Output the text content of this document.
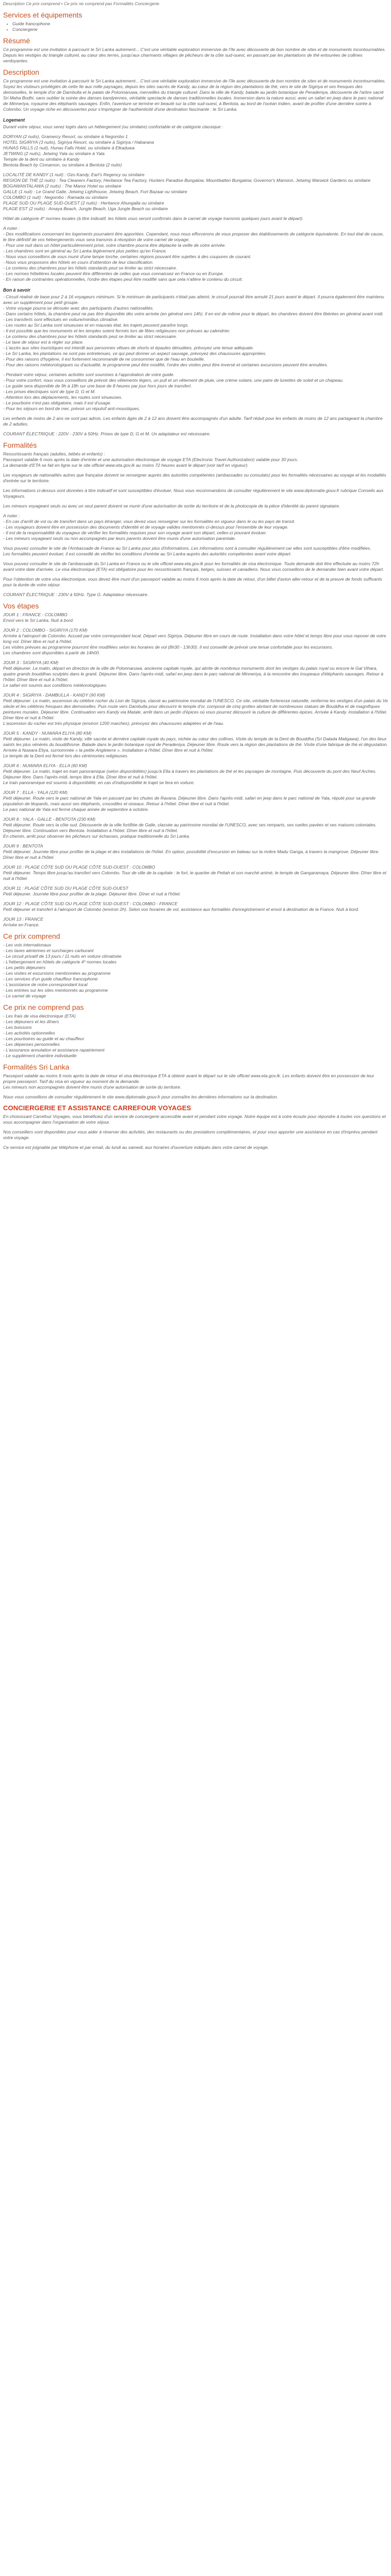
Description Ce prix comprend • Ce prix ne comprend pas Formalités Conciergerie
Services et équipements
• Guide francophone
• Conciergerie
Résumé
Ce programme est une invitation à parcourir le Sri Lanka autrement... C'est une véritable exploration immersive de l'île avec découverte de bon nombre de sites et de monuments incontournables. Depuis les vestiges du triangle culturel, au cœur des terres, jusqu'aux charmants villages de pêcheurs de la côte sud-ouest, en passant par les plantations de thé entourées de collines verdoyantes.
Description
Ce programme est une invitation à parcourir le Sri Lanka autrement... C'est une véritable exploration immersive de l'île avec découverte de bon nombre de sites et de monuments incontournables. Soyez les visiteurs privilégiés de cette île aux mille paysages, depuis les sites sacrés de Kandy, au cœur de la région des plantations de thé, vers le site de Sigiriya et ses fresques des demoiselles, le temple d'or de Dambulla et le palais de Polonnaruwa, merveilles du triangle culturel. Dans la ville de Kandy, balade au jardin botanique de Peradeniya, découverte de l'arbre sacré Sri Maha Bodhi, sans oublier la soirée des danses kandyennes, véritable spectacle de danses traditionnelles locales. Immersion dans la nature aussi, avec un safari en jeep dans le parc national de Minneriya, royaume des éléphants sauvages. Enfin, l'aventure se termine en beauté sur la côte sud-ouest, à Bentota, au bord de l'océan Indien, avant de profiter d'une dernière soirée à Colombo. Un voyage riche en découvertes pour s'imprégner de l'authenticité d'une destination fascinante : le Sri Lanka.
Logement
Durant votre séjour, vous serez logés dans un hébergement (ou similaire) confortable et de catégorie classique :
DORYAN (2 nuits), Gramercy Resort, ou similaire à Negombo 1
HOTEL SIGIRIYA (3 nuits), Sigiriya Resort, ou similaire à Sigiriya / Habarana
HUNAS FALLS (1 nuit), Hunas Falls Hotel, ou similaire à Elkaduwa
JETWING (2 nuits), Jetwing Yala ou similaire à Yala
Temple de la dent ou similaire à Kandy
Bentota Beach by Cinnamon, ou similaire à Bentota (2 nuits)
LOCALITÉ DE KANDY (1 nuit) : Ozo Kandy, Earl's Regency ou similaire
REGION DE THÉ (2 nuits) : Tea Cleaners Factory, Heritance Tea Factory, Hunters Paradise Bungalow, Mountbatten Bungalow, Governor's Mansion, Jetwing Warwick Gardens ou similaire
BOGAWANTALAWA (2 nuits) : The Manor Hotel ou similaire
GALLE (1 nuit) : Le Grand Galle, Jetwing Lighthouse, Jetwing Beach, Fort Bazaar ou similaire
COLOMBO (1 nuit) : Negombo : Ramada ou similaire
PLAGE SUD OU PLAGE SUD-OUEST (2 nuits) : Heritance Ahungalla ou similaire
PLAGE EST (2 nuits) : Amaya Beach, Jungle Beach, Uga Jungle Beach ou similaire
Hôtel de catégorie 4* normes locales (à titre indicatif, les hôtels vous seront confirmés dans le carnet de voyage transmis quelques jours avant le départ).
A noter :
- Des modifications concernant les logements pourraient être apportées. Cependant, nous nous efforcerons de vous proposer des établissements de catégorie équivalente. En tout état de cause, le titre définitif de vos hébergements vous sera transmis à réception de votre carnet de voyage.
- Pour une nuit dans un hôtel particulièrement prisé, votre chambre pourra être déplacée la veille de votre arrivée.
- Les chambres sont en général au Sri Lanka légèrement plus petites qu'en France.
- Nous vous conseillons de vous munir d'une lampe torche, certaines régions pouvant être sujettes à des coupures de courant.
- Nous vous proposons des hôtels en cours d'obtention de leur classification.
- Le contenu des chambres pour les hôtels standards peut se limiter au strict nécessaire.
- Les normes hôtelières locales peuvent être différentes de celles que vous connaissez en France ou en Europe.
- En raison de contraintes opérationnelles, l'ordre des étapes peut être modifié sans que cela n'altère le contenu du circuit.
Bon à savoir
- Circuit réalisé de base pour 2 à 16 voyageurs minimum. Si le minimum de participants n'était pas atteint, le circuit pourrait être annulé 21 jours avant le départ. Il pourra également être maintenu avec un supplément pour petit groupe.
- Votre voyage pourra se dérouler avec des participants d'autres nationalités.
- Dans certains hôtels, la chambre peut ne pas être disponible dès votre arrivée (en général vers 14h). Il en est de même pour le départ, les chambres doivent être libérées en général avant midi.
- Les transferts sont effectués en voiture/minibus climatisé.
- Les routes au Sri Lanka sont sinueuses et en mauvais état, les trajets peuvent paraître longs.
- Il est possible que les monuments et les temples soient fermés lors de fêtes religieuses non prévues au calendrier.
- Le contenu des chambres pour les hôtels standards peut se limiter au strict nécessaire.
- Le taxe de séjour est à régler sur place.
- L'accès aux sites touristiques est interdit aux personnes vêtues de shorts et épaules dénudées, prévoyez une tenue adéquate.
- Le Sri Lanka, les plantations ne sont pas entretenues, ce qui peut donner un aspect sauvage, prévoyez des chaussures appropriées.
- Pour des raisons d'hygiène, il est fortement recommandé de ne consommer que de l'eau en bouteille.
- Pour des raisons météorologiques ou d'actualité, le programme peut être modifié, l'ordre des visites peut être inversé et certaines excursions peuvent être annulées.
- Pendant votre séjour, certaines activités sont soumises à l'approbation de votre guide.
- Pour votre confort, nous vous conseillons de prévoir des vêtements légers, un pull et un vêtement de pluie, une crème solaire, une paire de lunettes de soleil et un chapeau.
- Le guide sera disponible de 9h à 18h sur une base de 8 heures par jour hors jours de transfert.
- Les prises électriques sont de type D, G et M.
- Attention lors des déplacements, les routes sont sinueuses.
- Le pourboire n'est pas obligatoire, mais il est d'usage.
- Pour les séjours en bord de mer, prévoir un répulsif anti-moustiques.
Les enfants de moins de 2 ans ne sont pas admis. Les enfants âgés de 2 à 12 ans doivent être accompagnés d'un adulte. Tarif réduit pour les enfants de moins de 12 ans partageant la chambre de 2 adultes.
COURANT ÉLECTRIQUE : 220V - 230V à 50Hz. Prises de type D, G et M. Un adaptateur est nécessaire.
Formalités
Ressortissants français (adultes, bébés et enfants) :
Passeport valable 6 mois après la date d'entrée et une autorisation électronique de voyage ETA (Electronic Travel Authorization) valable pour 30 jours.
La demande d'ETA se fait en ligne sur le site officiel www.eta.gov.lk au moins 72 heures avant le départ (voir tarif en vigueur).
Les voyageurs de nationalités autres que française doivent se renseigner auprès des autorités compétentes (ambassades ou consulats) pour les formalités nécessaires au voyage et les modalités d'entrée sur le territoire.
Les informations ci-dessus sont données à titre indicatif et sont susceptibles d'évoluer. Nous vous recommandons de consulter régulièrement le site www.diplomatie.gouv.fr rubrique Conseils aux Voyageurs.
Les mineurs voyageant seuls ou avec un seul parent doivent se munir d'une autorisation de sortie du territoire et de la photocopie de la pièce d'identité du parent signataire.
A noter :
- En cas d'arrêt de vol ou de transfert dans un pays étranger, vous devez vous renseigner sur les formalités en vigueur dans le ou les pays de transit.
- Les voyageurs doivent être en possession des documents d'identité et de voyage valides mentionnés ci-dessus pour l'ensemble de leur voyage.
- Il est de la responsabilité du voyageur de vérifier les formalités requises pour son voyage avant son départ, celles-ci pouvant évoluer.
- Les mineurs voyageant seuls ou non accompagnés par leurs parents doivent être munis d'une autorisation parentale.
Vous pouvez consulter le site de l'Ambassade de France au Sri Lanka pour plus d'informations. Les informations sont à consulter régulièrement car elles sont susceptibles d'être modifiées.
Les formalités peuvent évoluer, il est conseillé de vérifier les conditions d'entrée au Sri Lanka auprès des autorités compétentes avant votre départ.
Vous pouvez consulter le site de l'ambassade du Sri Lanka en France ou le site officiel www.eta.gov.lk pour les formalités de visa électronique. Toute demande doit être effectuée au moins 72h avant votre date d'arrivée. Le visa électronique (ETA) est obligatoire pour les ressortissants français, belges, suisses et canadiens. Nous vous conseillons de le demander bien avant votre départ.
Pour l'obtention de votre visa électronique, vous devez être muni d'un passeport valable au moins 6 mois après la date de retour, d'un billet d'avion aller-retour et de la preuve de fonds suffisants pour la durée de votre séjour.
COURANT ÉLECTRIQUE : 230V à 50Hz. Type G. Adaptateur nécessaire.
Vos étapes
JOUR 1 : FRANCE - COLOMBO
Envol vers le Sri Lanka. Nuit à bord.
JOUR 2 : COLOMBO - SIGIRIYA (170 KM)
Arrivée à l'aéroport de Colombo. Accueil par votre correspondant local. Départ vers Sigiriya. Déjeuner libre en cours de route. Installation dans votre hôtel et temps libre pour vous reposer de votre long vol. Dîner libre et nuit à l'hôtel.
Les visites prévues au programme pourront être modifiées selon les horaires de vol (8h30 - 13h30). Il est conseillé de prévoir une tenue confortable pour les excursions.
Les chambres sont disponibles à partir de 14h00.
JOUR 3 : SIGIRIYA (40 KM)
Petit déjeuner. Le matin, départ en direction de la ville de Polonnaruwa, ancienne capitale royale, qui abrite de nombreux monuments dont les vestiges du palais royal ou encore le Gal Vihara, quatre grands bouddhas sculptés dans le granit. Déjeuner libre. Dans l'après-midi, safari en jeep dans le parc national de Minneriya, à la rencontre des troupeaux d'éléphants sauvages. Retour à l'hôtel. Dîner libre et nuit à l'hôtel.
Le safari est soumis aux conditions météorologiques.
JOUR 4 : SIGIRIYA - DAMBULLA - KANDY (90 KM)
Petit déjeuner. Le matin, ascension du célèbre rocher du Lion de Sigiriya, classé au patrimoine mondial de l'UNESCO. Ce site, véritable forteresse naturelle, renferme les vestiges d'un palais du Ve siècle et les célèbres fresques des demoiselles. Puis route vers Dambulla pour découvrir le temple d'or, composé de cinq grottes abritant de nombreuses statues de Bouddha et de magnifiques peintures murales. Déjeuner libre. Continuation vers Kandy via Matale, arrêt dans un jardin d'épices où vous pourrez découvrir la culture de différentes épices. Arrivée à Kandy. Installation à l'hôtel. Dîner libre et nuit à l'hôtel.
L'ascension du rocher est très physique (environ 1200 marches), prévoyez des chaussures adaptées et de l'eau.
JOUR 5 : KANDY - NUWARA ELIYA (80 KM)
Petit déjeuner. Le matin, visite de Kandy, ville sacrée et dernière capitale royale du pays, nichée au cœur des collines. Visite du temple de la Dent de Bouddha (Sri Dalada Maligawa), l'un des lieux saints les plus vénérés du bouddhisme. Balade dans le jardin botanique royal de Peradeniya. Déjeuner libre. Route vers la région des plantations de thé. Visite d'une fabrique de thé et dégustation. Arrivée à Nuwara Eliya, surnommée « la petite Angleterre ». Installation à l'hôtel. Dîner libre et nuit à l'hôtel.
Le temple de la Dent est fermé lors des cérémonies religieuses.
JOUR 6 : NUWARA ELIYA - ELLA (60 KM)
Petit déjeuner. Le matin, trajet en train panoramique (selon disponibilités) jusqu'à Ella à travers les plantations de thé et les paysages de montagne. Puis découverte du pont des Neuf Arches. Déjeuner libre. Dans l'après-midi, temps libre à Ella. Dîner libre et nuit à l'hôtel.
Le train panoramique est soumis à disponibilité, en cas d'indisponibilité le trajet se fera en voiture.
JOUR 7 : ELLA - YALA (120 KM)
Petit déjeuner. Route vers le parc national de Yala en passant par les chutes de Ravana. Déjeuner libre. Dans l'après-midi, safari en jeep dans le parc national de Yala, réputé pour sa grande population de léopards, mais aussi ses éléphants, crocodiles et oiseaux. Retour à l'hôtel. Dîner libre et nuit à l'hôtel.
Le parc national de Yala est fermé chaque année de septembre à octobre.
JOUR 8 : YALA - GALLE - BENTOTA (230 KM)
Petit déjeuner. Route vers la côte sud. Découverte de la ville fortifiée de Galle, classée au patrimoine mondial de l'UNESCO, avec ses remparts, ses ruelles pavées et ses maisons coloniales. Déjeuner libre. Continuation vers Bentota. Installation à l'hôtel. Dîner libre et nuit à l'hôtel.
En chemin, arrêt pour observer les pêcheurs sur échasses, pratique traditionnelle du Sri Lanka.
JOUR 9 : BENTOTA
Petit déjeuner. Journée libre pour profiter de la plage et des installations de l'hôtel. En option, possibilité d'excursion en bateau sur la rivière Madu Ganga, à travers la mangrove. Déjeuner libre. Dîner libre et nuit à l'hôtel.
JOUR 10 : PLAGE CÔTE SUD OU PLAGE CÔTE SUD-OUEST : COLOMBO
Petit déjeuner. Temps libre jusqu'au transfert vers Colombo. Tour de ville de la capitale : le fort, le quartier de Pettah et son marché animé, le temple de Gangaramaya. Déjeuner libre. Dîner libre et nuit à l'hôtel.
JOUR 11 : PLAGE CÔTE SUD OU PLAGE CÔTE SUD-OUEST
Petit déjeuner. Journée libre pour profiter de la plage. Déjeuner libre. Dîner et nuit à l'hôtel.
JOUR 12 : PLAGE CÔTE SUD OU PLAGE CÔTE SUD-OUEST - COLOMBO - FRANCE
Petit déjeuner et transfert à l'aéroport de Colombo (environ 2h). Selon vos horaires de vol, assistance aux formalités d'enregistrement et envol à destination de la France. Nuit à bord.
JOUR 13 : FRANCE
Arrivée en France.
Ce prix comprend
- Les vols internationaux
- Les taxes aériennes et surcharges carburant
- Le circuit privatif de 13 jours / 11 nuits en voiture climatisée
- L'hébergement en hôtels de catégorie 4* normes locales
- Les petits déjeuners
- Les visites et excursions mentionnées au programme
- Les services d'un guide chauffeur francophone
- L'assistance de notre correspondant local
- Les entrées sur les sites mentionnés au programme
- Le carnet de voyage
Ce prix ne comprend pas
- Les frais de visa électronique (ETA)
- Les déjeuners et les dîners
- Les boissons
- Les activités optionnelles
- Les pourboires au guide et au chauffeur
- Les dépenses personnelles
- L'assurance annulation et assistance rapatriement
- Le supplément chambre individuelle
Formalités Sri Lanka
Passeport valable au moins 6 mois après la date de retour et visa électronique ETA à obtenir avant le départ sur le site officiel www.eta.gov.lk. Les enfants doivent être en possession de leur propre passeport. Tarif du visa en vigueur au moment de la demande.
Les mineurs non accompagnés doivent être munis d'une autorisation de sortie du territoire.
Nous vous conseillons de consulter régulièrement le site www.diplomatie.gouv.fr pour connaître les dernières informations sur la destination.
CONCIERGERIE ET ASSISTANCE CARREFOUR VOYAGES
En choisissant Carrefour Voyages, vous bénéficiez d'un service de conciergerie accessible avant et pendant votre voyage. Notre équipe est à votre écoute pour répondre à toutes vos questions et vous accompagner dans l'organisation de votre séjour.
Nos conseillers sont disponibles pour vous aider à réserver des activités, des restaurants ou des prestations complémentaires, et pour vous apporter une assistance en cas d'imprévu pendant votre voyage.
Ce service est joignable par téléphone et par email, du lundi au samedi, aux horaires d'ouverture indiqués dans votre carnet de voyage.
